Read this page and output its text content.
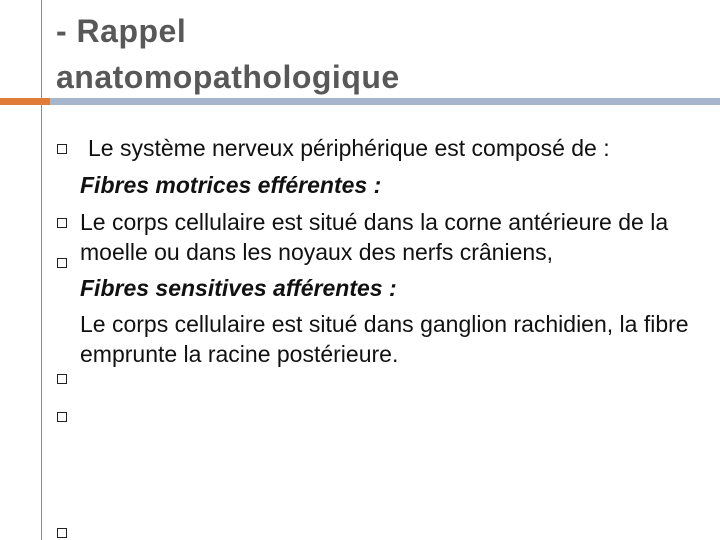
- Rappel
anatomopathologique

Le système nerveux périphérique est composé de :

Fibres motrices efférentes :

Le corps cellulaire est situé dans la corne antérieure de la moelle ou dans les noyaux des nerfs crâniens,

Fibres sensitives afférentes :

Le corps cellulaire est situé dans ganglion rachidien, la fibre emprunte la racine postérieure.
